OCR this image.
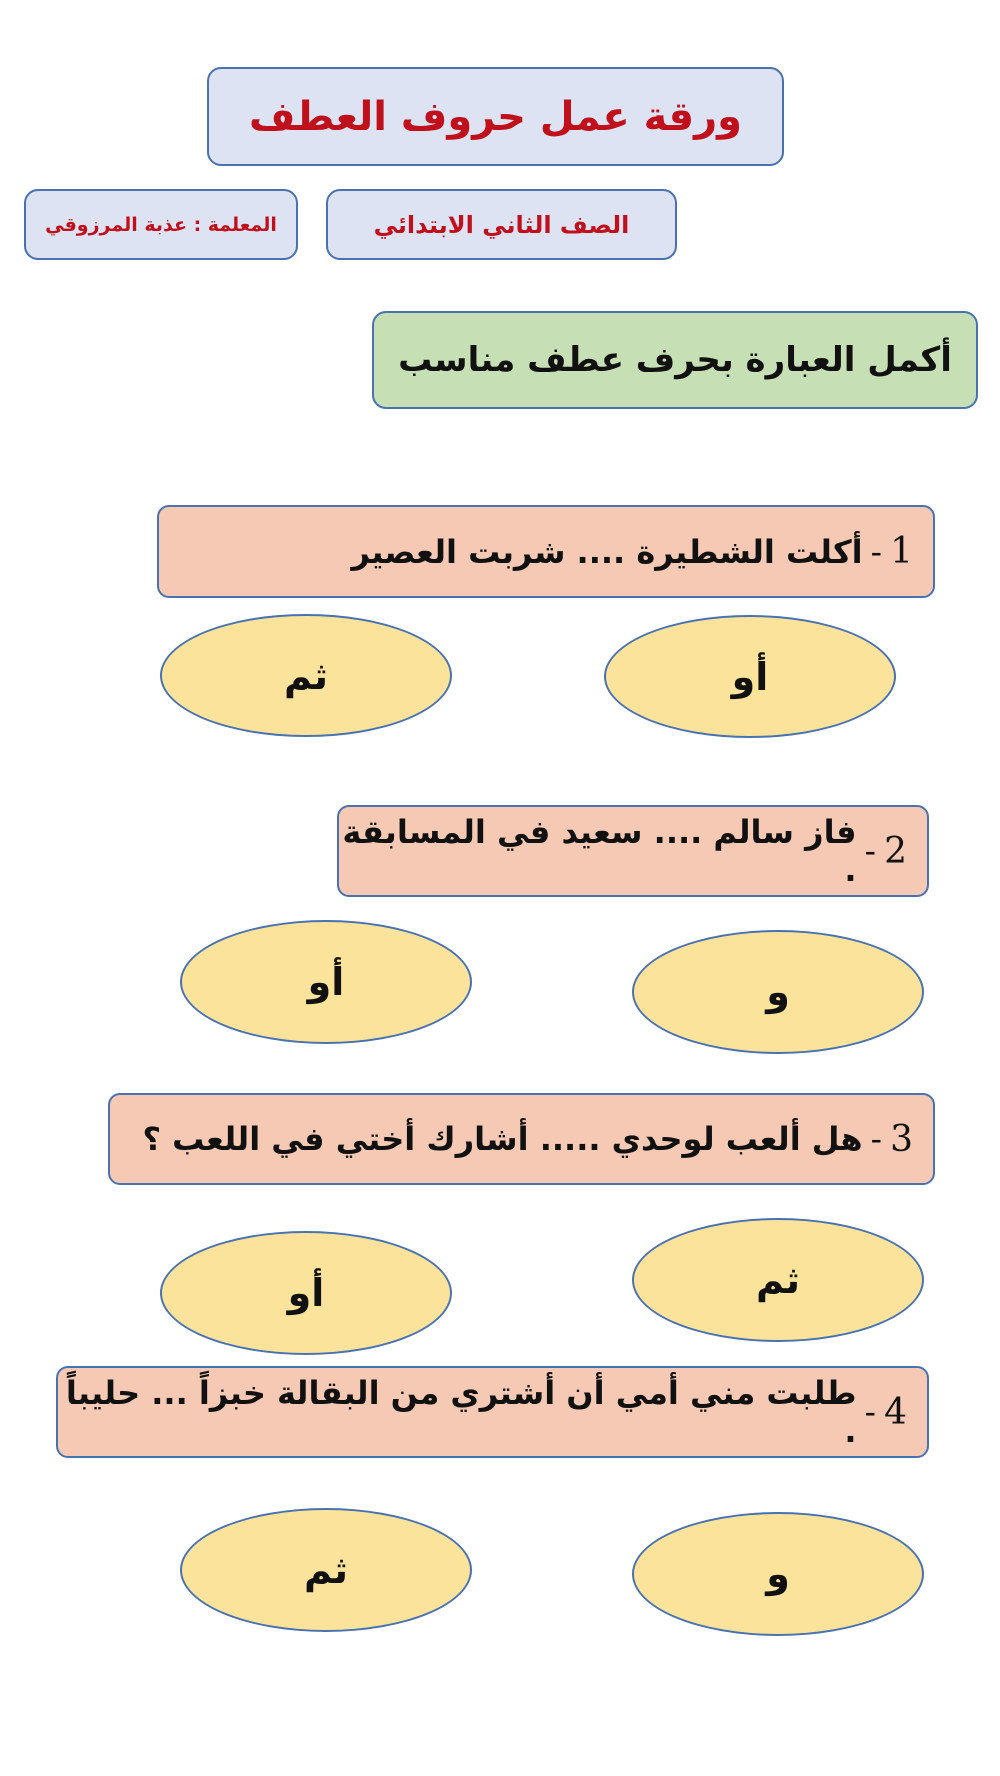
ورقة عمل حروف العطف
الصف الثاني الابتدائي
المعلمة : عذبة المرزوقي
أكمل العبارة بحرف عطف مناسب
1
-
أكلت الشطيرة .... شربت العصير
أو
ثم
2
-
فاز سالم .... سعيد في المسابقة .
و
أو
3
-
هل ألعب لوحدي ..... أشارك أختي في اللعب ؟
ثم
أو
4
-
طلبت مني أمي أن أشتري من البقالة خبزاً ... حليباً .
و
ثم
